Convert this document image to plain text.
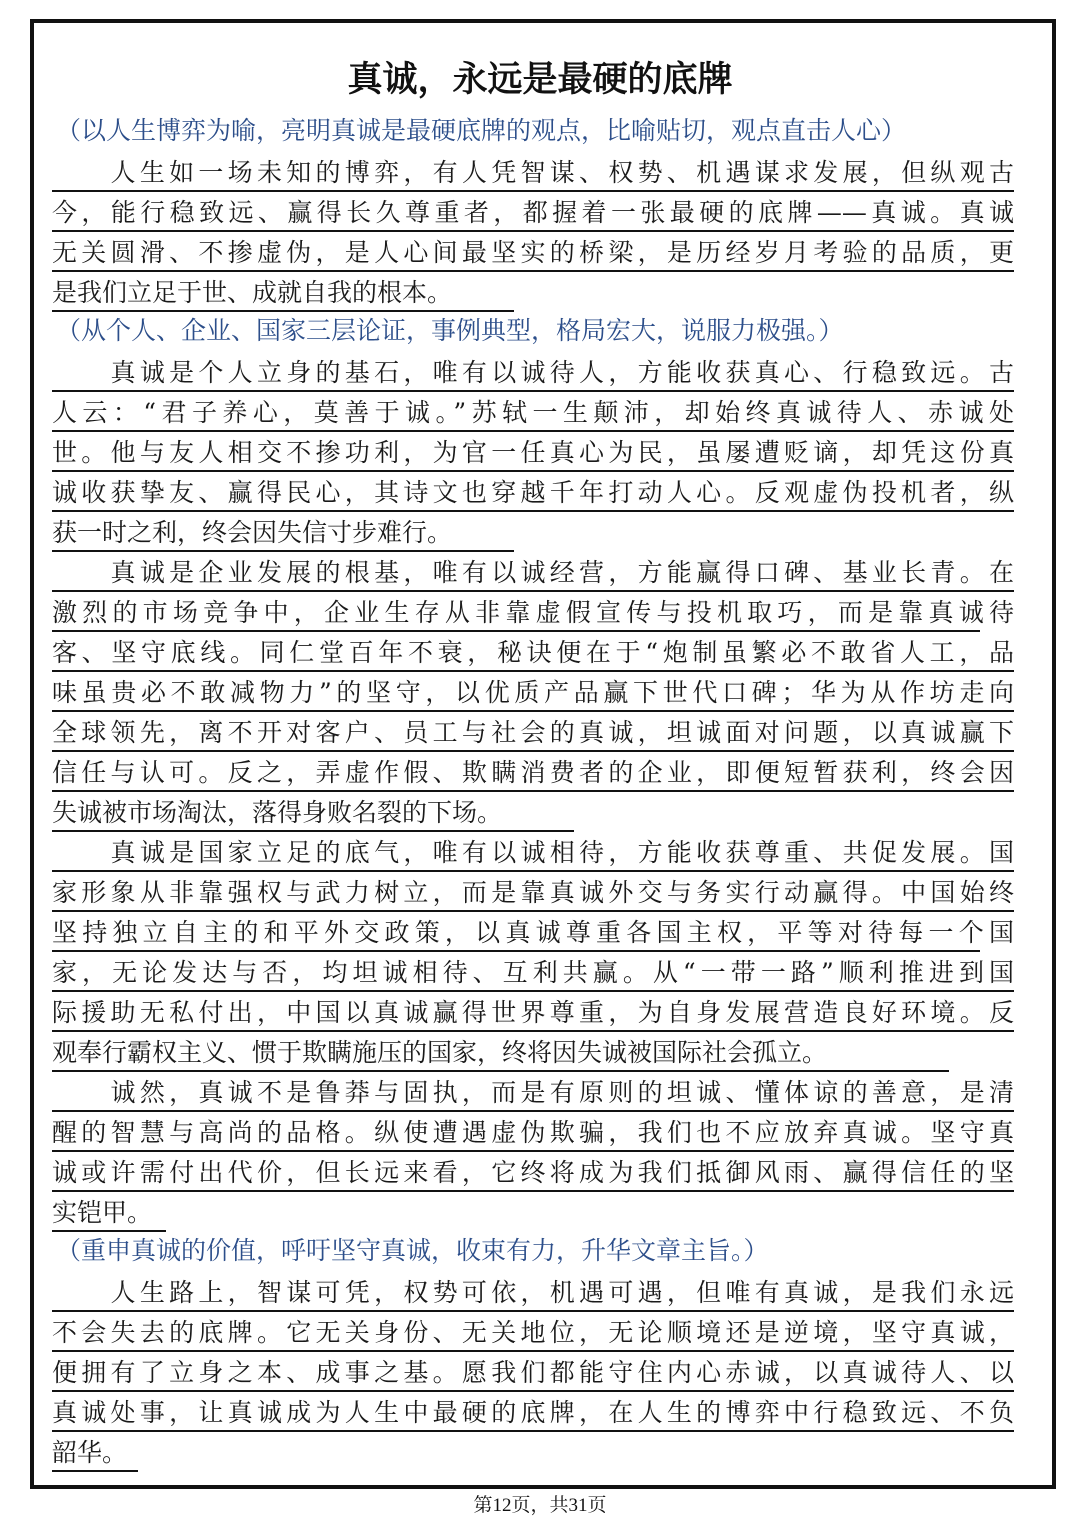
真诚，永远是最硬的底牌

（以人生博弈为喻，亮明真诚是最硬底牌的观点，比喻贴切，观点直击人心）

　　人生如一场未知的博弈，有人凭智谋、权势、机遇谋求发展，但纵观古
今，能行稳致远、赢得长久尊重者，都握着一张最硬的底牌——真诚。真诚
无关圆滑、不掺虚伪，是人心间最坚实的桥梁，是历经岁月考验的品质，更
是我们立足于世、成就自我的根本。

（从个人、企业、国家三层论证，事例典型，格局宏大，说服力极强。）

　　真诚是个人立身的基石，唯有以诚待人，方能收获真心、行稳致远。古
人云：“君子养心，莫善于诚。”苏轼一生颠沛，却始终真诚待人、赤诚处
世。他与友人相交不掺功利，为官一任真心为民，虽屡遭贬谪，却凭这份真
诚收获挚友、赢得民心，其诗文也穿越千年打动人心。反观虚伪投机者，纵
获一时之利，终会因失信寸步难行。
　　真诚是企业发展的根基，唯有以诚经营，方能赢得口碑、基业长青。在
激烈的市场竞争中，企业生存从非靠虚假宣传与投机取巧，而是靠真诚待
客、坚守底线。同仁堂百年不衰，秘诀便在于“炮制虽繁必不敢省人工，品
味虽贵必不敢减物力”的坚守，以优质产品赢下世代口碑；华为从作坊走向
全球领先，离不开对客户、员工与社会的真诚，坦诚面对问题，以真诚赢下
信任与认可。反之，弄虚作假、欺瞒消费者的企业，即便短暂获利，终会因
失诚被市场淘汰，落得身败名裂的下场。
　　真诚是国家立足的底气，唯有以诚相待，方能收获尊重、共促发展。国
家形象从非靠强权与武力树立，而是靠真诚外交与务实行动赢得。中国始终
坚持独立自主的和平外交政策，以真诚尊重各国主权，平等对待每一个国
家，无论发达与否，均坦诚相待、互利共赢。从“一带一路”顺利推进到国
际援助无私付出，中国以真诚赢得世界尊重，为自身发展营造良好环境。反
观奉行霸权主义、惯于欺瞒施压的国家，终将因失诚被国际社会孤立。
　　诚然，真诚不是鲁莽与固执，而是有原则的坦诚、懂体谅的善意，是清
醒的智慧与高尚的品格。纵使遭遇虚伪欺骗，我们也不应放弃真诚。坚守真
诚或许需付出代价，但长远来看，它终将成为我们抵御风雨、赢得信任的坚
实铠甲。

（重申真诚的价值，呼吁坚守真诚，收束有力，升华文章主旨。）

　　人生路上，智谋可凭，权势可依，机遇可遇，但唯有真诚，是我们永远
不会失去的底牌。它无关身份、无关地位，无论顺境还是逆境，坚守真诚，
便拥有了立身之本、成事之基。愿我们都能守住内心赤诚，以真诚待人、以
真诚处事，让真诚成为人生中最硬的底牌，在人生的博弈中行稳致远、不负
韶华。

第12页，共31页
